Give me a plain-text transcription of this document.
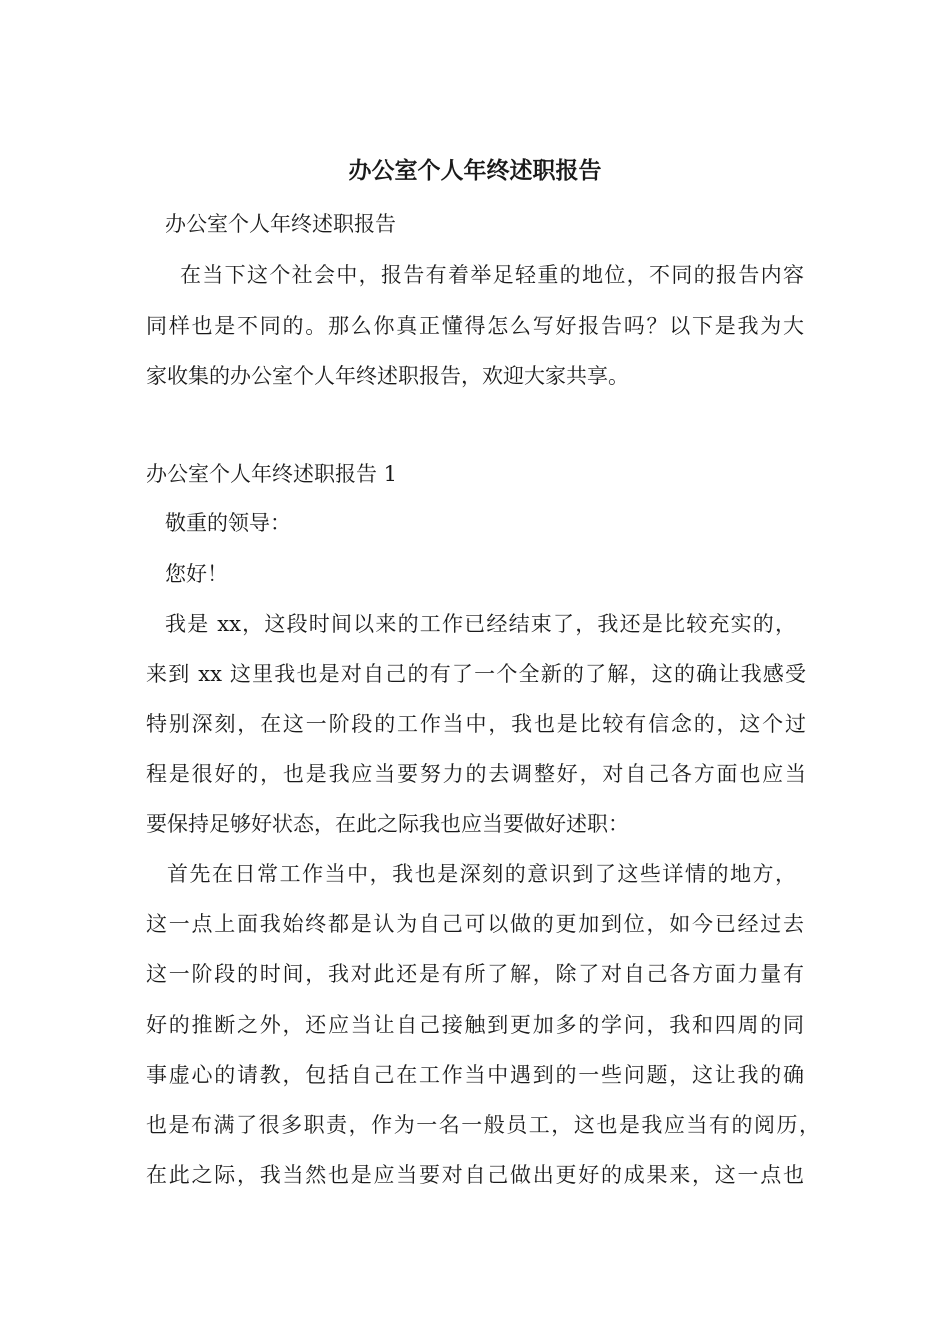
办公室个人年终述职报告
办公室个人年终述职报告
在当下这个社会中，报告有着举足轻重的地位，不同的报告内容
同样也是不同的。那么你真正懂得怎么写好报告吗？以下是我为大
家收集的办公室个人年终述职报告，欢迎大家共享。
办公室个人年终述职报告 1
敬重的领导：
您好！
我是 xx，这段时间以来的工作已经结束了，我还是比较充实的，
来到 xx 这里我也是对自己的有了一个全新的了解，这的确让我感受
特别深刻，在这一阶段的工作当中，我也是比较有信念的，这个过
程是很好的，也是我应当要努力的去调整好，对自己各方面也应当
要保持足够好状态，在此之际我也应当要做好述职：
首先在日常工作当中，我也是深刻的意识到了这些详情的地方，
这一点上面我始终都是认为自己可以做的更加到位，如今已经过去
这一阶段的时间，我对此还是有所了解，除了对自己各方面力量有
好的推断之外，还应当让自己接触到更加多的学问，我和四周的同
事虚心的请教，包括自己在工作当中遇到的一些问题，这让我的确
也是布满了很多职责，作为一名一般员工，这也是我应当有的阅历，
在此之际，我当然也是应当要对自己做出更好的成果来，这一点也
